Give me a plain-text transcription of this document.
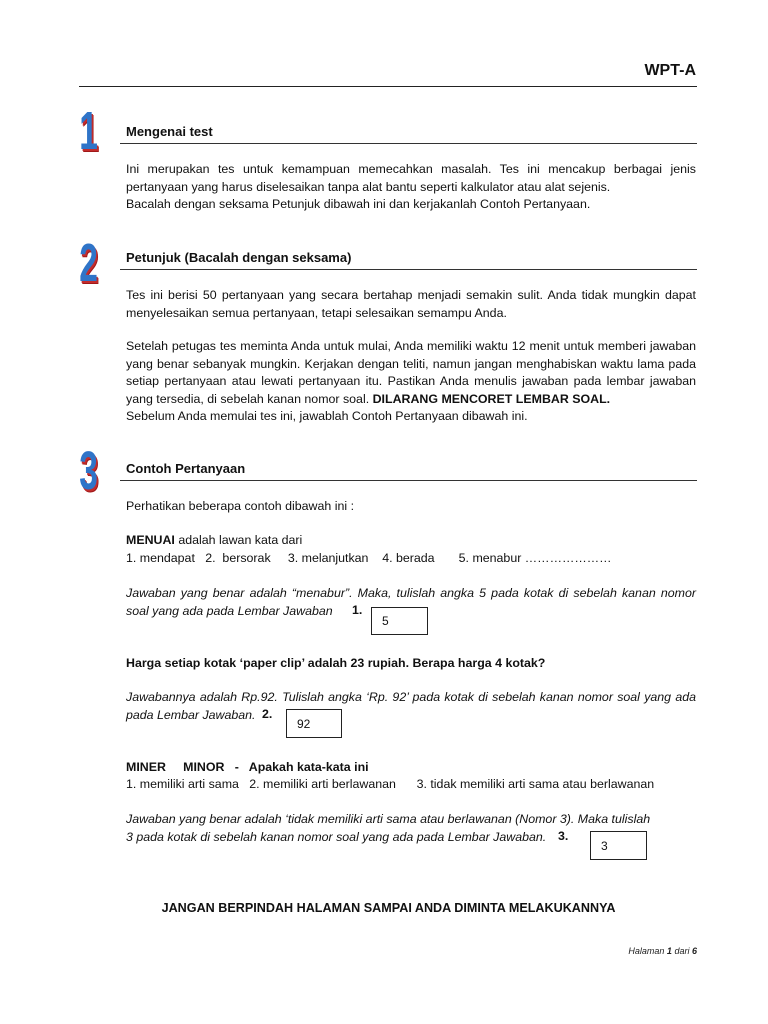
WPT-A
1 Mengenai test
Ini merupakan tes untuk kemampuan memecahkan masalah. Tes ini mencakup berbagai jenis pertanyaan yang harus diselesaikan tanpa alat bantu seperti kalkulator atau alat sejenis.
Bacalah dengan seksama Petunjuk dibawah ini dan kerjakanlah Contoh Pertanyaan.
2 Petunjuk (Bacalah dengan seksama)
Tes ini berisi 50 pertanyaan yang secara bertahap menjadi semakin sulit. Anda tidak mungkin dapat menyelesaikan semua pertanyaan, tetapi selesaikan semampu Anda.
Setelah petugas tes meminta Anda untuk mulai, Anda memiliki waktu 12 menit untuk memberi jawaban yang benar sebanyak mungkin. Kerjakan dengan teliti, namun jangan menghabiskan waktu lama pada setiap pertanyaan atau lewati pertanyaan itu. Pastikan Anda menulis jawaban pada lembar jawaban yang tersedia, di sebelah kanan nomor soal. DILARANG MENCORET LEMBAR SOAL.
Sebelum Anda memulai tes ini, jawablah Contoh Pertanyaan dibawah ini.
3 Contoh Pertanyaan
Perhatikan beberapa contoh dibawah ini :
MENUAI adalah lawan kata dari
1. mendapat   2.  bersorak     3. melanjutkan    4. berada       5. menabur …………………
Jawaban yang benar adalah “menabur”. Maka, tulislah angka 5 pada kotak di sebelah kanan nomor soal yang ada pada Lembar Jawaban	1.
5
Harga setiap kotak ‘paper clip’ adalah 23 rupiah. Berapa harga 4 kotak?
Jawabannya adalah Rp.92. Tulislah angka ‘Rp. 92’ pada kotak di sebelah kanan nomor soal yang ada pada Lembar Jawaban. 2.
92
MINER     MINOR   -   Apakah kata-kata ini
1. memiliki arti sama   2. memiliki arti berlawanan      3. tidak memiliki arti sama atau berlawanan
Jawaban yang benar adalah ‘tidak memiliki arti sama atau berlawanan (Nomor 3). Maka tulislah
3 pada kotak di sebelah kanan nomor soal yang ada pada Lembar Jawaban. 3.
3
JANGAN BERPINDAH HALAMAN SAMPAI ANDA DIMINTA MELAKUKANNYA
Halaman 1 dari 6
